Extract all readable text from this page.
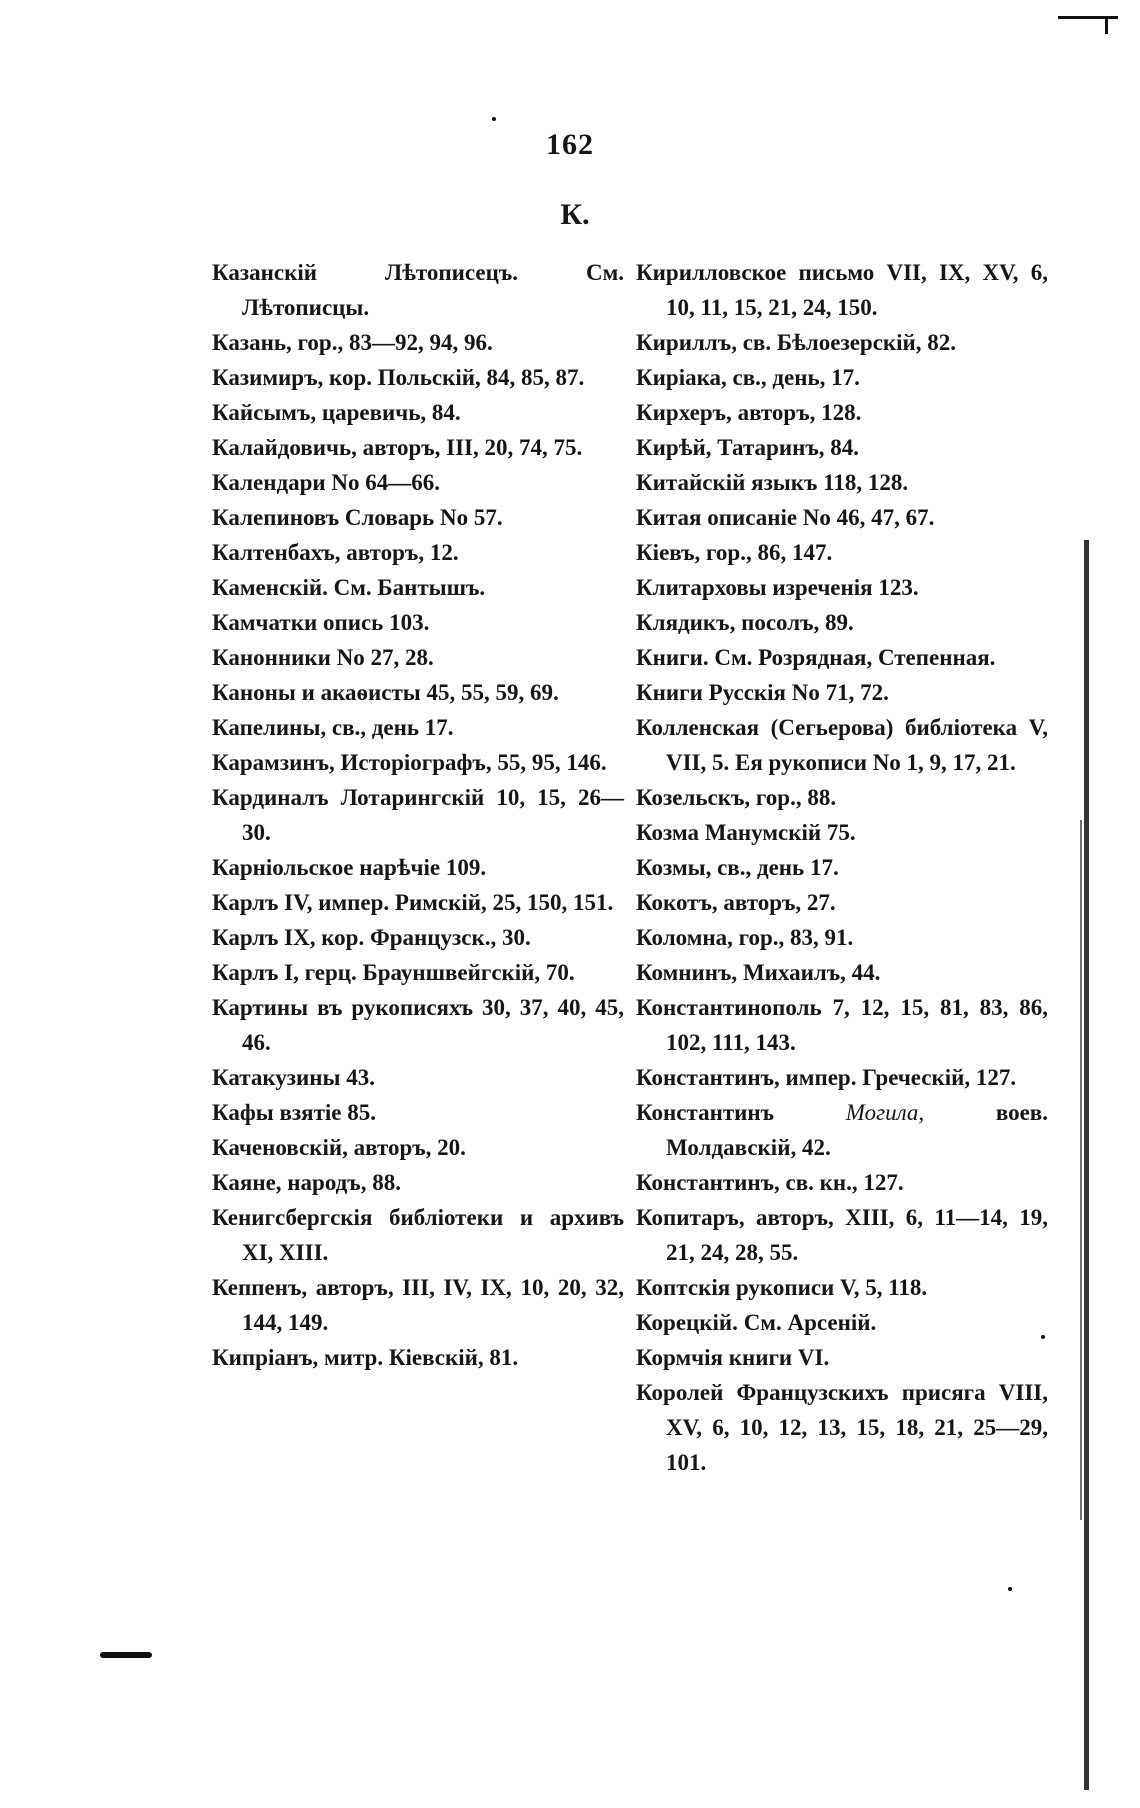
162
К.
Казанскій Лѣтописецъ. См. Лѣтописцы.
Казань, гор., 83—92, 94, 96.
Казимиръ, кор. Польскій, 84, 85, 87.
Кайсымъ, царевичь, 84.
Калайдовичь, авторъ, III, 20, 74, 75.
Календари No 64—66.
Калепиновъ Словарь No 57.
Калтенбахъ, авторъ, 12.
Каменскій. См. Бантышъ.
Камчатки опись 103.
Канонники No 27, 28.
Каноны и акаѳисты 45, 55, 59, 69.
Капелины, св., день 17.
Карамзинъ, Исторіографъ, 55, 95, 146.
Кардиналъ Лотарингскій 10, 15, 26—30.
Карніольское нарѣчіе 109.
Карлъ IV, импер. Римскій, 25, 150, 151.
Карлъ IX, кор. Французск., 30.
Карлъ I, герц. Брауншвейгскій, 70.
Картины въ рукописяхъ 30, 37, 40, 45, 46.
Катакузины 43.
Кафы взятіе 85.
Каченовскій, авторъ, 20.
Каяне, народъ, 88.
Кенигсбергскія библіотеки и архивъ XI, XIII.
Кеппенъ, авторъ, III, IV, IX, 10, 20, 32, 144, 149.
Кипріанъ, митр. Кіевскій, 81.
Кирилловское письмо VII, IX, XV, 6, 10, 11, 15, 21, 24, 150.
Кириллъ, св. Бѣлоезерскій, 82.
Киріака, св., день, 17.
Кирхеръ, авторъ, 128.
Кирѣй, Татаринъ, 84.
Китайскій языкъ 118, 128.
Китая описаніе No 46, 47, 67.
Кіевъ, гор., 86, 147.
Клитарховы изреченія 123.
Клядикъ, посолъ, 89.
Книги. См. Розрядная, Степенная.
Книги Русскія No 71, 72.
Колленская (Сегьерова) библіотека V, VII, 5. Ея рукописи No 1, 9, 17, 21.
Козельскъ, гор., 88.
Козма Манумскій 75.
Козмы, св., день 17.
Кокотъ, авторъ, 27.
Коломна, гор., 83, 91.
Комнинъ, Михаилъ, 44.
Константинополь 7, 12, 15, 81, 83, 86, 102, 111, 143.
Константинъ, импер. Греческій, 127.
Константинъ Могила, воев. Молдавскій, 42.
Константинъ, св. кн., 127.
Копитаръ, авторъ, XIII, 6, 11—14, 19, 21, 24, 28, 55.
Коптскія рукописи V, 5, 118.
Корецкій. См. Арсеній.
Кормчія книги VI.
Королей Французскихъ присяга VIII, XV, 6, 10, 12, 13, 15, 18, 21, 25—29, 101.
